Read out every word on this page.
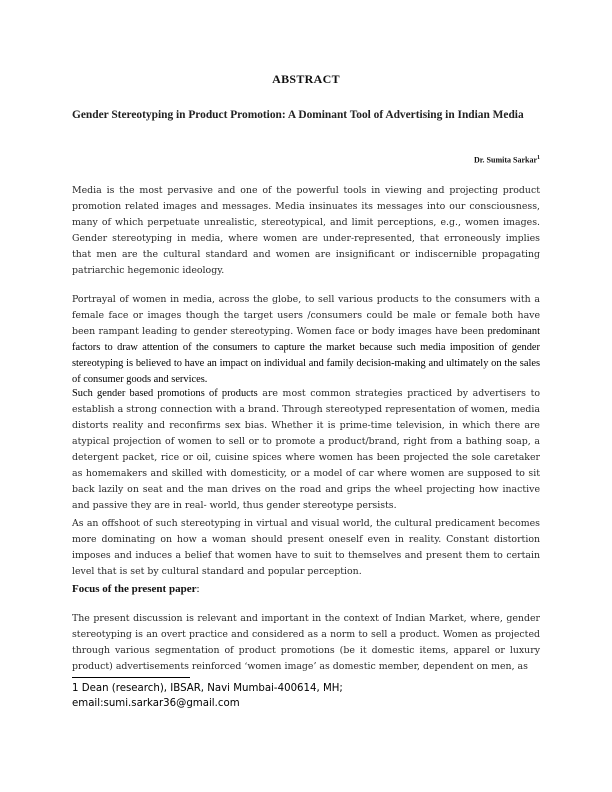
ABSTRACT
Gender Stereotyping in Product Promotion: A Dominant Tool of Advertising in Indian Media
Dr. Sumita Sarkar$^1$

Media is the most pervasive and one of the powerful tools in viewing and projecting product promotion related images and messages. Media insinuates its messages into our consciousness, many of which perpetuate unrealistic, stereotypical, and limit perceptions, e.g., women images. Gender stereotyping in media, where women are under-represented, that erroneously implies that men are the cultural standard and women are insignificant or indiscernible propagating patriarchic hegemonic ideology.

Portrayal of women in media, across the globe, to sell various products to the consumers with a female face or images though the target users /consumers could be male or female both have been rampant leading to gender stereotyping. Women face or body images have been predominant factors to draw attention of the consumers to capture the market because such media imposition of gender stereotyping is believed to have an impact on individual and family decision-making and ultimately on the sales of consumer goods and services.

Such gender based promotions of products are most common strategies practiced by advertisers to establish a strong connection with a brand. Through stereotyped representation of women, media distorts reality and reconfirms sex bias. Whether it is prime-time television, in which there are atypical projection of women to sell or to promote a product/brand, right from a bathing soap, a detergent packet, rice or oil, cuisine spices where women has been projected the sole caretaker as homemakers and skilled with domesticity, or a model of car where women are supposed to sit back lazily on seat and the man drives on the road and grips the wheel projecting how inactive and passive they are in real- world, thus gender stereotype persists.

As an offshoot of such stereotyping in virtual and visual world, the cultural predicament becomes more dominating on how a woman should present oneself even in reality. Constant distortion imposes and induces a belief that women have to suit to themselves and present them to certain level that is set by cultural standard and popular perception.

Focus of the present paper:

The present discussion is relevant and important in the context of Indian Market, where, gender stereotyping is an overt practice and considered as a norm to sell a product. Women as projected through various segmentation of product promotions (be it domestic items, apparel or luxury product) advertisements reinforced ‘women image’ as domestic member, dependent on men, as

1 Dean (research), IBSAR, Navi Mumbai-400614, MH;
email:sumi.sarkar36@gmail.com
